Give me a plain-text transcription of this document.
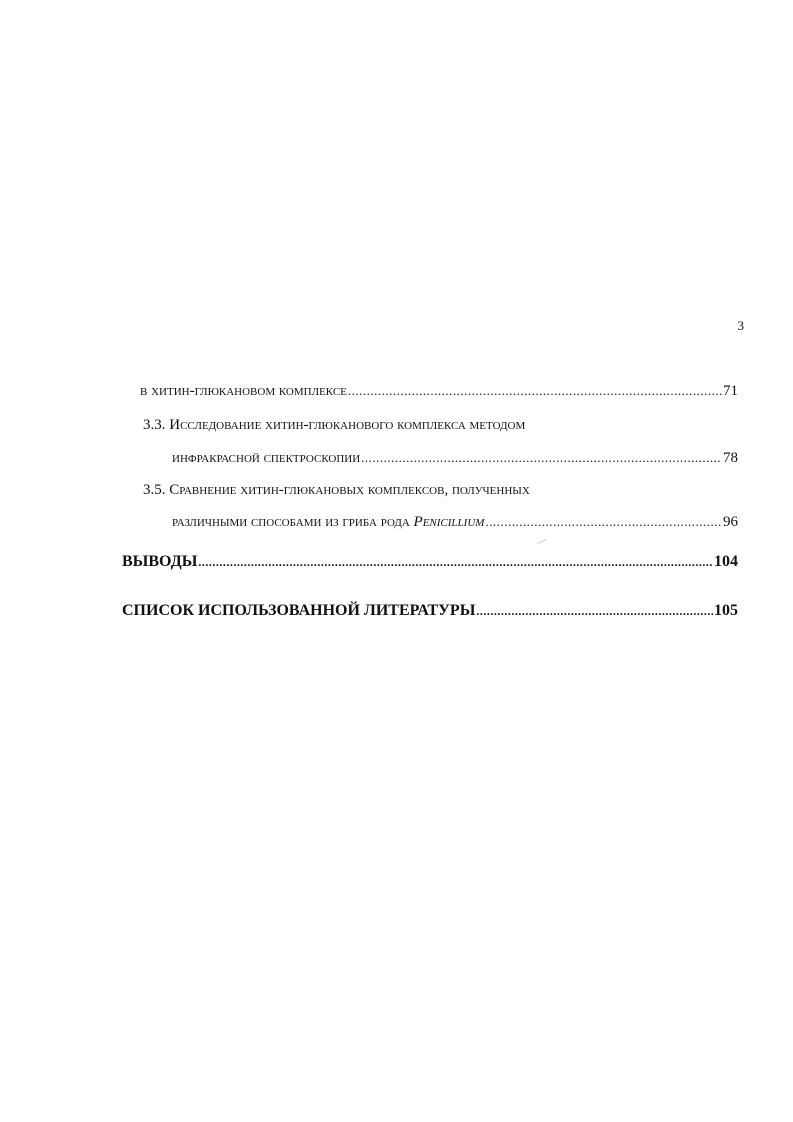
3
в хитин-глюкановом комплексе .....	71
3.3. Исследование хитин-глюканового комплекса методом
инфракрасной спектроскопии .....	78
3.5. Сравнение хитин-глюкановых комплексов, полученных
различными способами из гриба рода Penicillium .....	96
ВЫВОДЫ .....	104
СПИСОК ИСПОЛЬЗОВАННОЙ ЛИТЕРАТУРЫ .....	105
